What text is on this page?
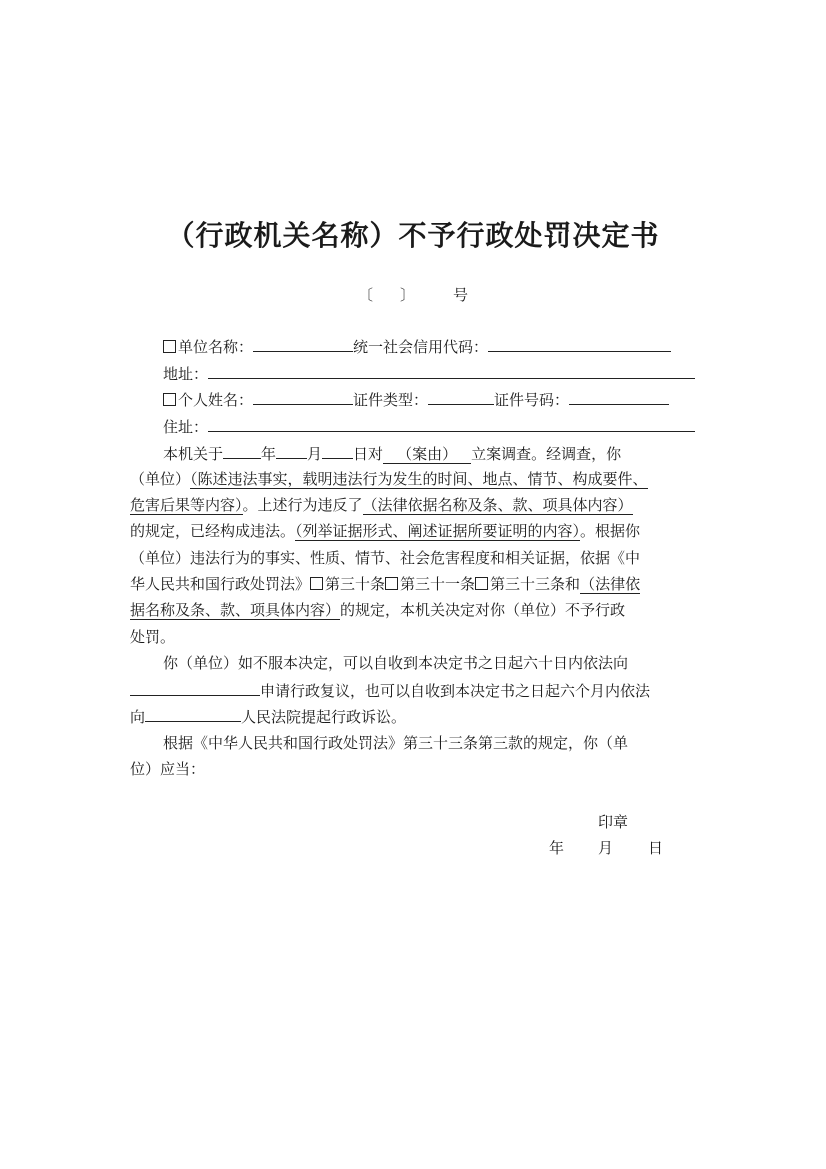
（行政机关名称）不予行政处罚决定书
〔 〕	号
单位名称：	统一社会信用代码：
地址：
个人姓名：	证件类型：	证件号码：
住址：
本机关于	年 月 日对 （案由） 立案调查。经调查，你
（单位）（陈述违法事实，载明违法行为发生的时间、地点、情节、构成要件、
危害后果等内容）。上述行为违反了（法律依据名称及条、款、项具体内容）
的规定，已经构成违法。（列举证据形式、阐述证据所要证明的内容）。根据你
（单位）违法行为的事实、性质、情节、社会危害程度和相关证据，依据《中
华人民共和国行政处罚法》 第三十条 第三十一条 第三十三条和（法律依
据名称及条、款、项具体内容）的规定，本机关决定对你（单位）不予行政
处罚。
你（单位）如不服本决定，可以自收到本决定书之日起六十日内依法向
申请行政复议，也可以自收到本决定书之日起六个月内依法
向	人民法院提起行政诉讼。
根据《中华人民共和国行政处罚法》第三十三条第三款的规定，你（单
位）应当：
印章
年 月 日
